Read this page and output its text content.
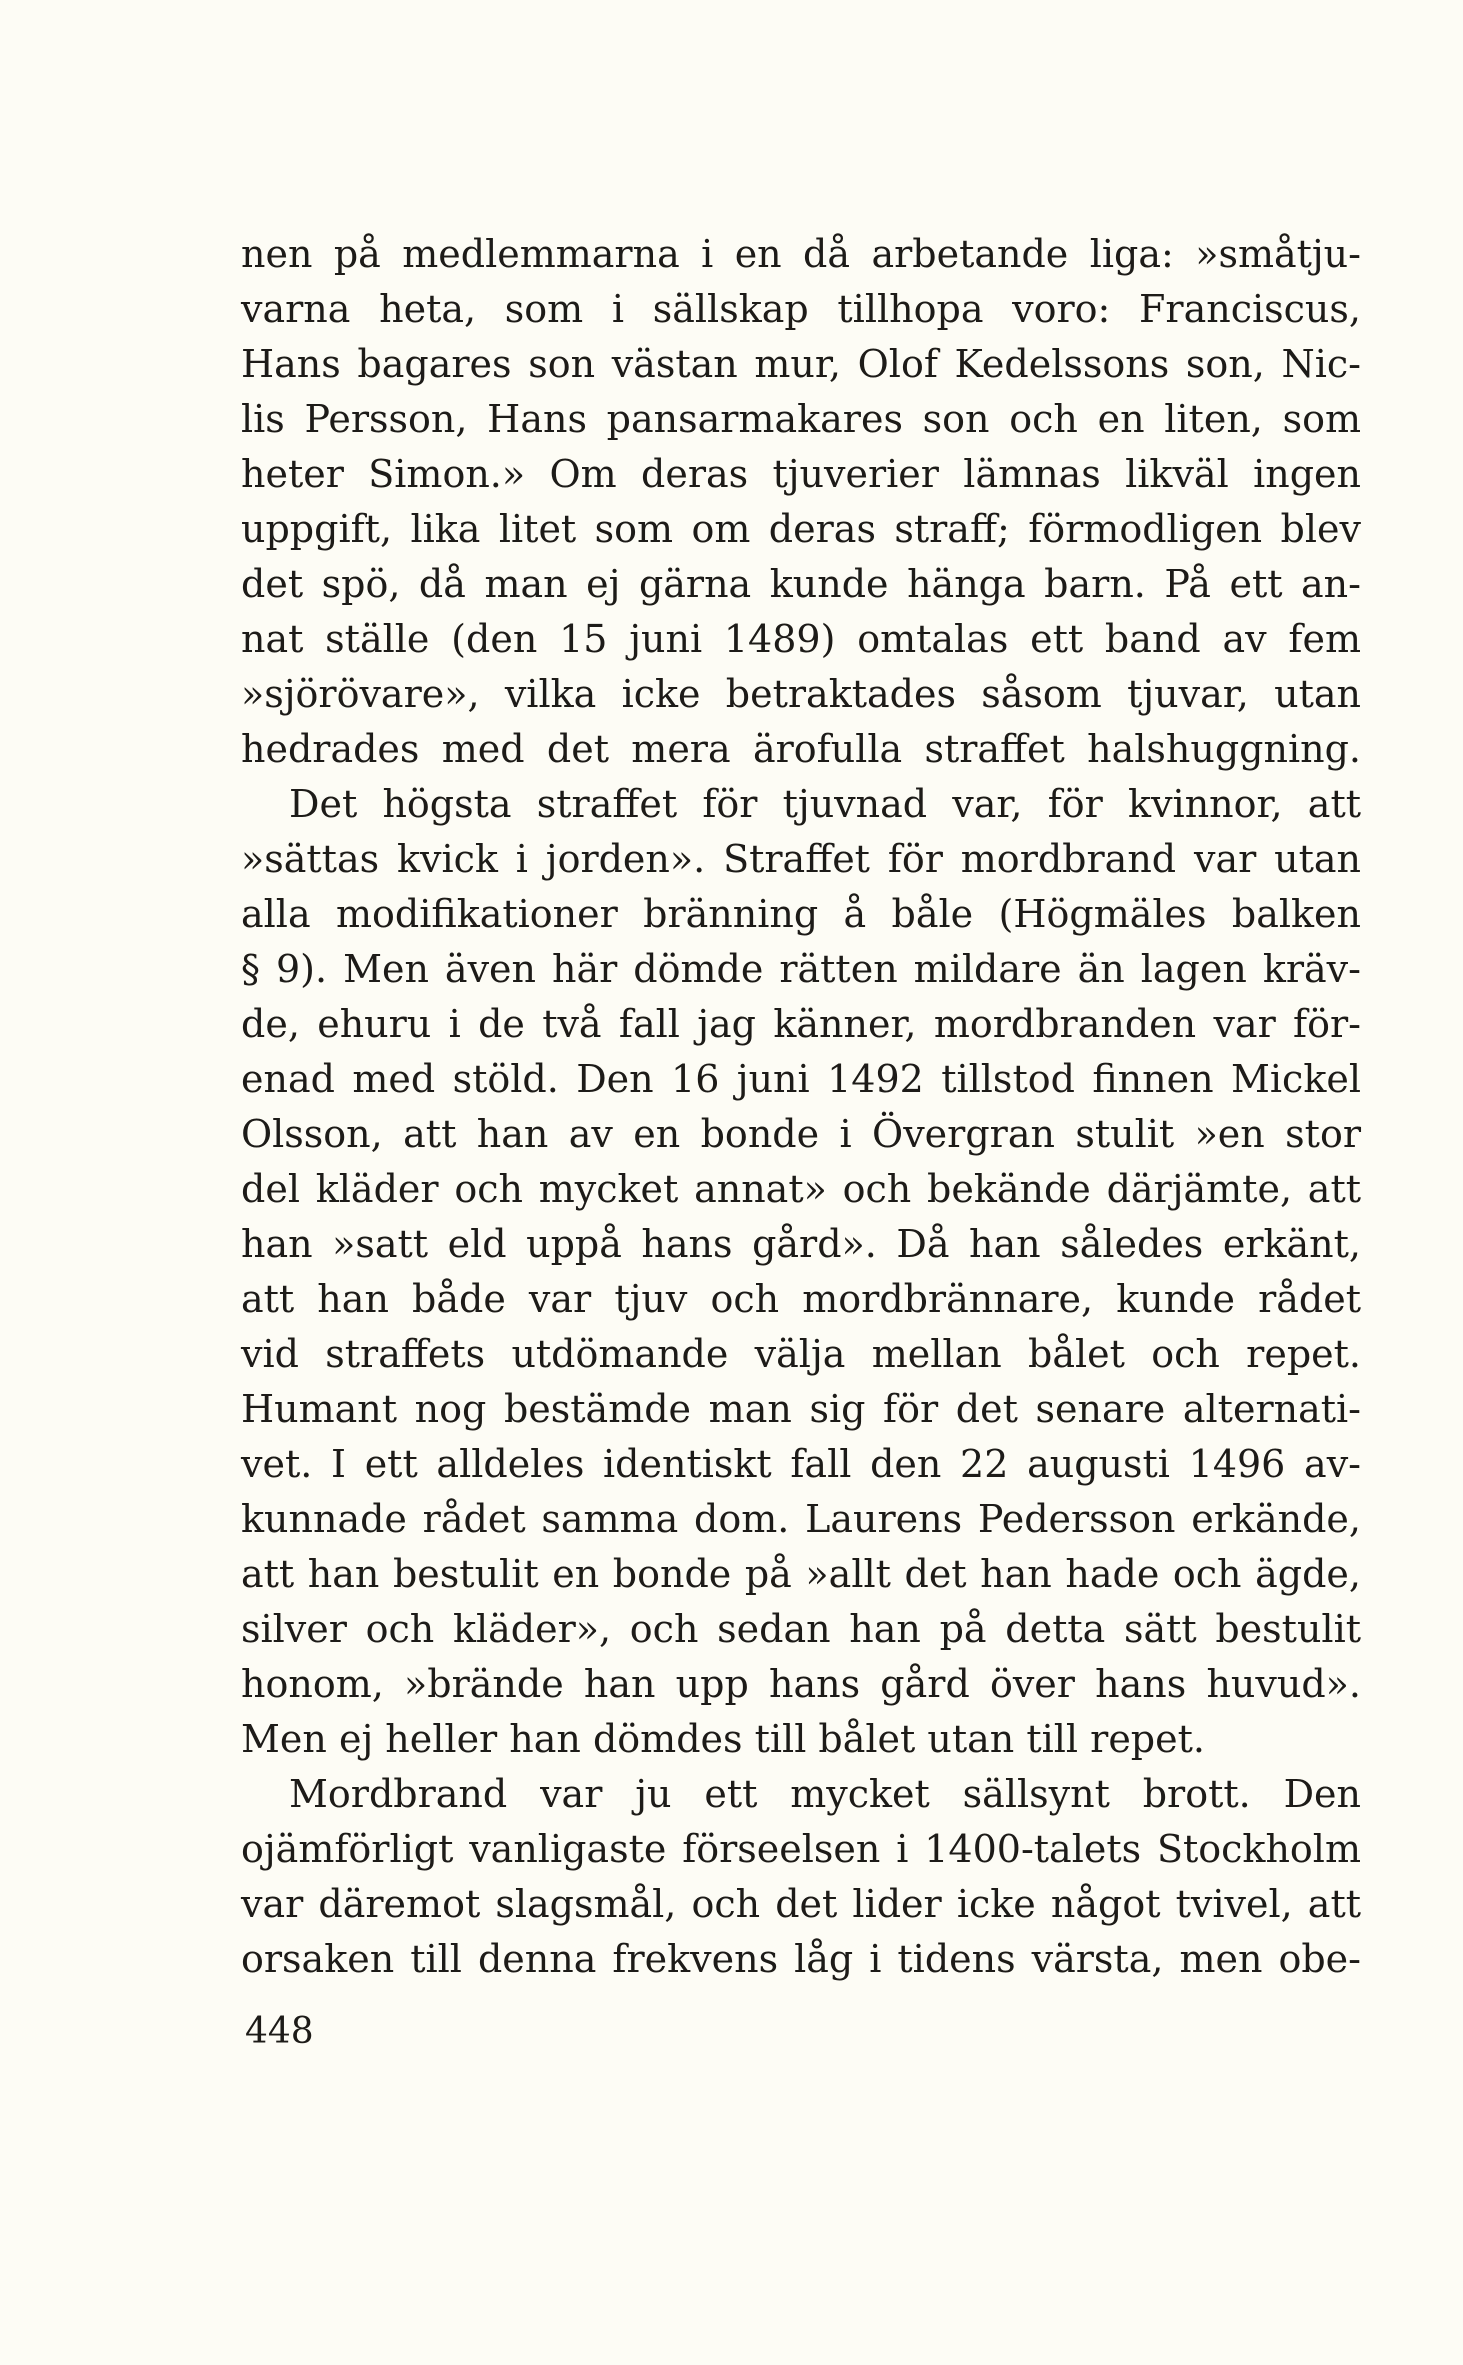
nen på medlemmarna i en då arbetande liga: »småtju-
varna heta, som i sällskap tillhopa voro: Franciscus,
Hans bagares son västan mur, Olof Kedelssons son, Nic-
lis Persson, Hans pansarmakares son och en liten, som
heter Simon.» Om deras tjuverier lämnas likväl ingen
uppgift, lika litet som om deras straff; förmodligen blev
det spö, då man ej gärna kunde hänga barn. På ett an-
nat ställe (den 15 juni 1489) omtalas ett band av fem
»sjörövare», vilka icke betraktades såsom tjuvar, utan
hedrades med det mera ärofulla straffet halshuggning.
Det högsta straffet för tjuvnad var, för kvinnor, att
»sättas kvick i jorden». Straffet för mordbrand var utan
alla modifikationer bränning å båle (Högmäles balken
§ 9). Men även här dömde rätten mildare än lagen kräv-
de, ehuru i de två fall jag känner, mordbranden var för-
enad med stöld. Den 16 juni 1492 tillstod finnen Mickel
Olsson, att han av en bonde i Övergran stulit »en stor
del kläder och mycket annat» och bekände därjämte, att
han »satt eld uppå hans gård». Då han således erkänt,
att han både var tjuv och mordbrännare, kunde rådet
vid straffets utdömande välja mellan bålet och repet.
Humant nog bestämde man sig för det senare alternati-
vet. I ett alldeles identiskt fall den 22 augusti 1496 av-
kunnade rådet samma dom. Laurens Pedersson erkände,
att han bestulit en bonde på »allt det han hade och ägde,
silver och kläder», och sedan han på detta sätt bestulit
honom, »brände han upp hans gård över hans huvud».
Men ej heller han dömdes till bålet utan till repet.
Mordbrand var ju ett mycket sällsynt brott. Den
ojämförligt vanligaste förseelsen i 1400-talets Stockholm
var däremot slagsmål, och det lider icke något tvivel, att
orsaken till denna frekvens låg i tidens värsta, men obe-
448
